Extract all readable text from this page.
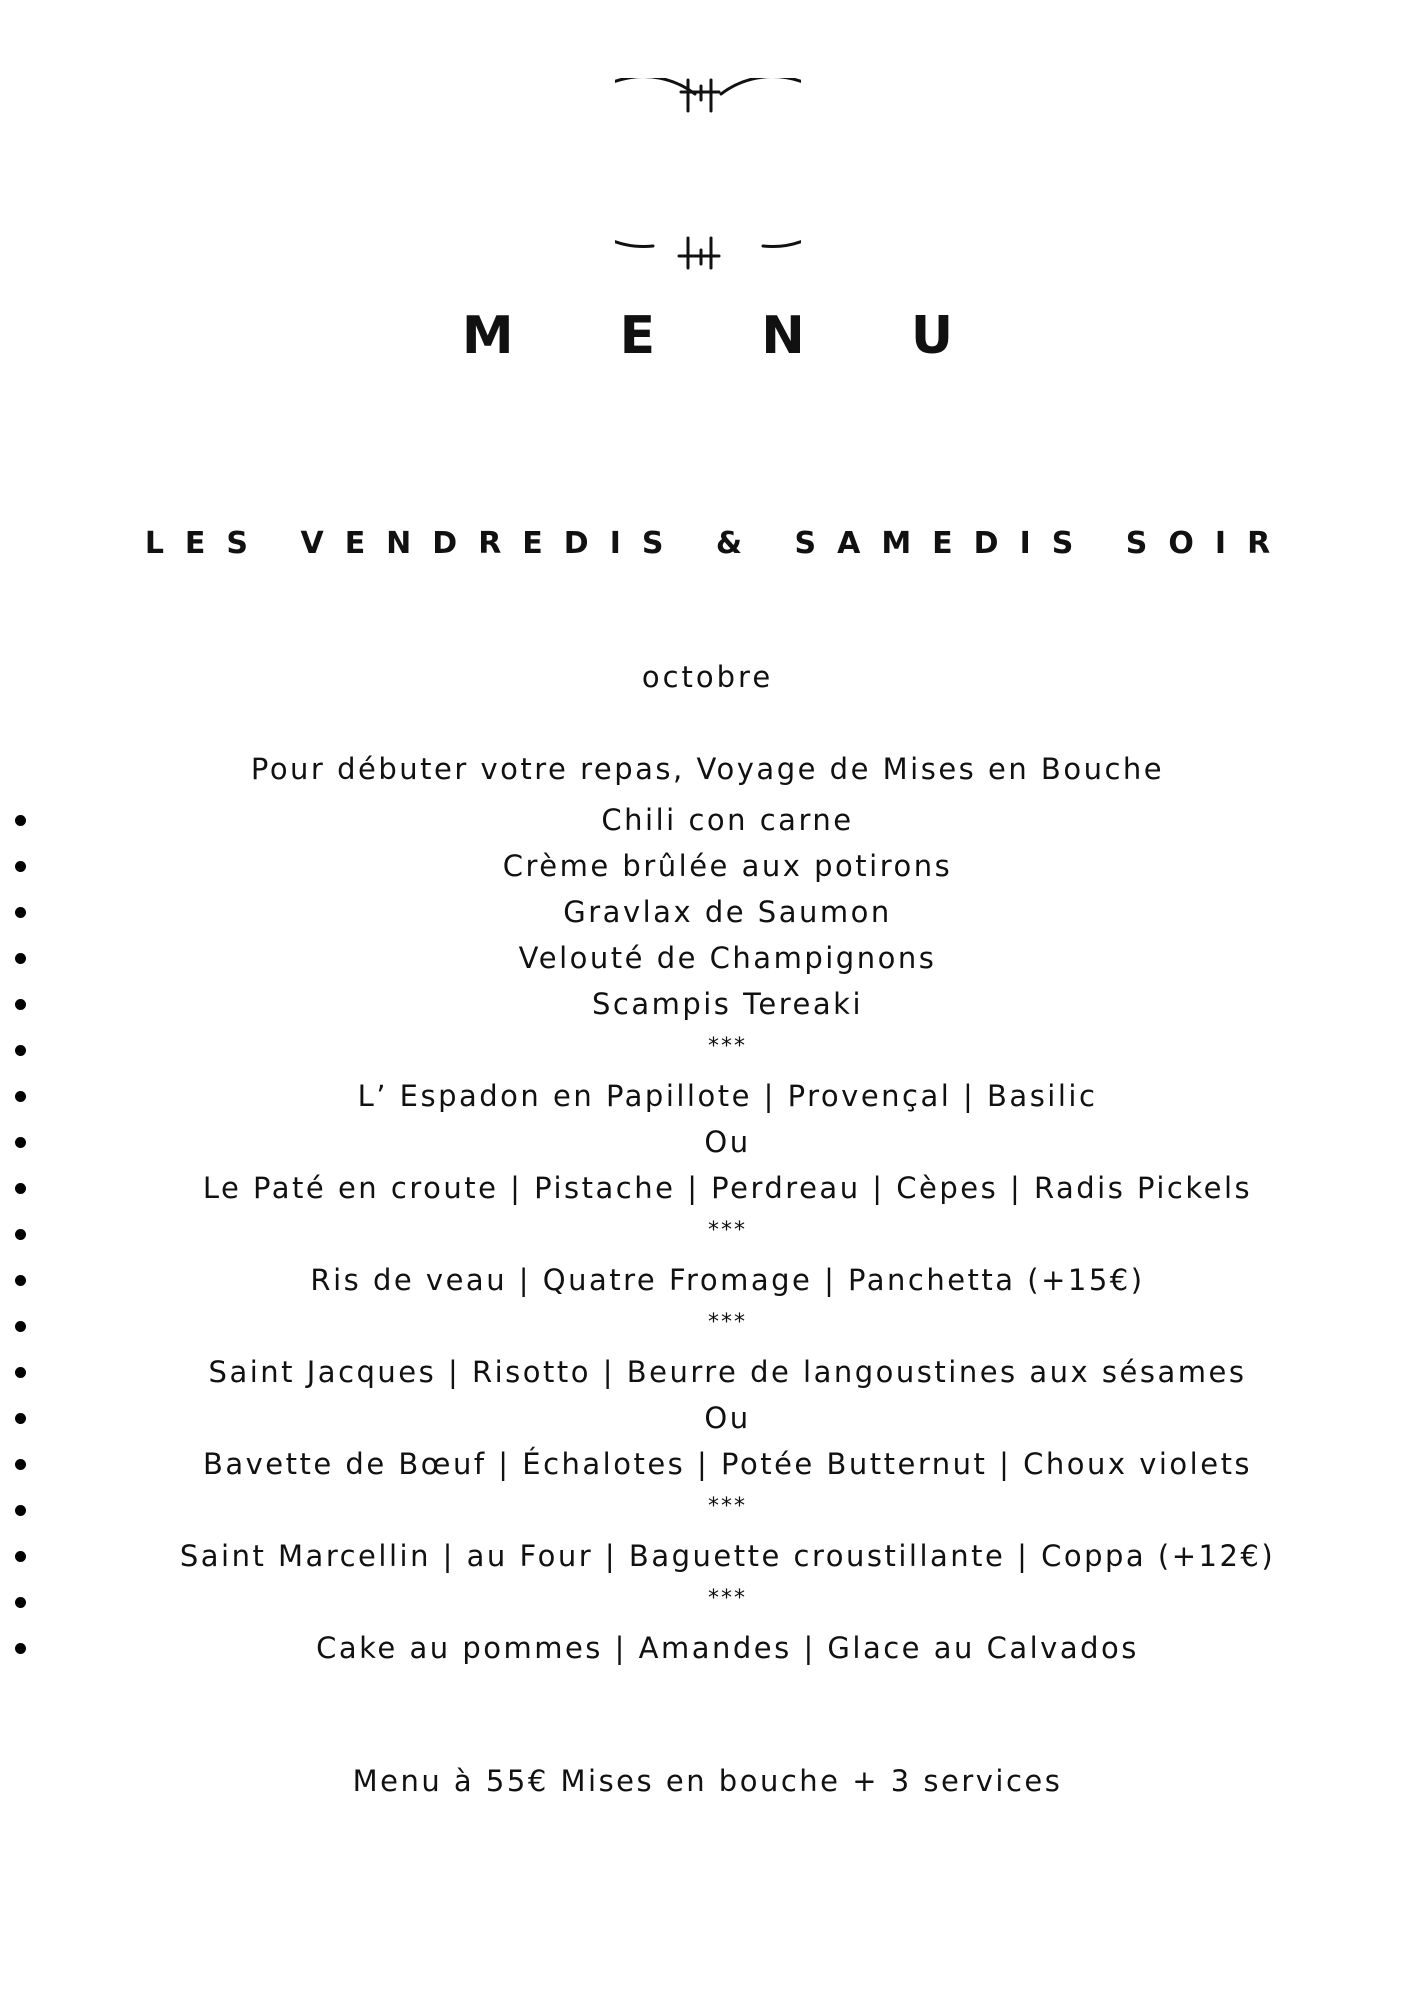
M E N U
LES VENDREDIS & SAMEDIS SOIR
octobre
Pour débuter votre repas, Voyage de Mises en Bouche
Chili con carne
Crème brûlée aux potirons
Gravlax de Saumon
Velouté de Champignons
Scampis Tereaki
***
L’ Espadon en Papillote | Provençal | Basilic
Ou
Le Paté en croute | Pistache | Perdreau | Cèpes | Radis Pickels
***
Ris de veau | Quatre Fromage | Panchetta (+15€)
***
Saint Jacques | Risotto | Beurre de langoustines aux sésames
Ou
Bavette de Bœuf | Échalotes | Potée Butternut | Choux violets
***
Saint Marcellin | au Four | Baguette croustillante | Coppa (+12€)
***
Cake au pommes | Amandes | Glace au Calvados
Menu à 55€ Mises en bouche + 3 services
